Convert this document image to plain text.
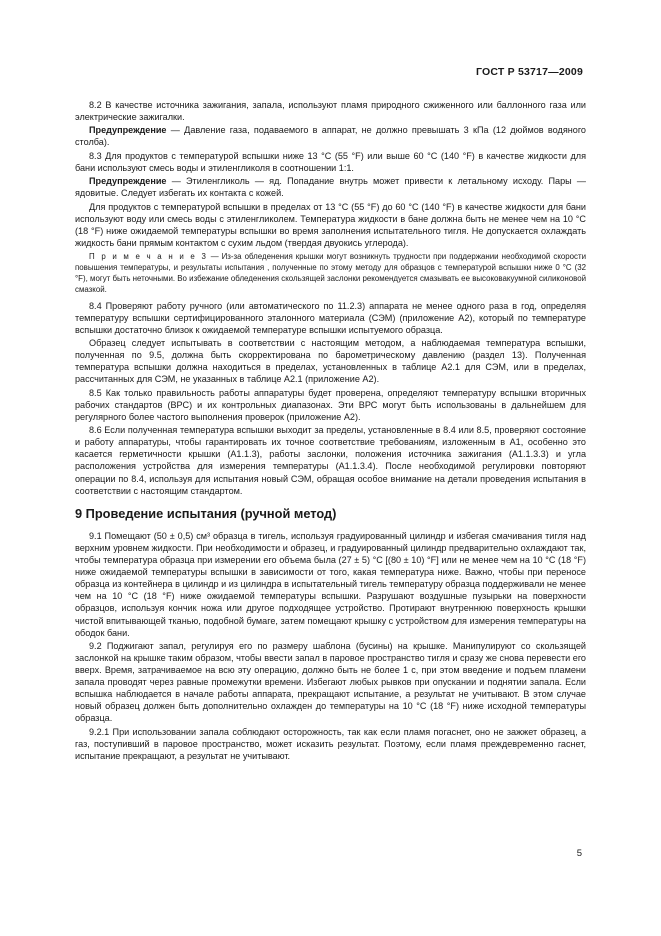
ГОСТ Р 53717—2009

8.2 В качестве источника зажигания, запала, используют пламя природного сжиженного или баллонного газа или электрические зажигалки.

Предупреждение — Давление газа, подаваемого в аппарат, не должно превышать 3 кПа (12 дюймов водяного столба).

8.3 Для продуктов с температурой вспышки ниже 13 °С (55 °F) или выше 60 °С (140 °F) в качестве жидкости для бани используют смесь воды и этиленгликоля в соотношении 1:1.

Предупреждение — Этиленгликоль — яд. Попадание внутрь может привести к летальному исходу. Пары — ядовитые. Следует избегать их контакта с кожей.

Для продуктов с температурой вспышки в пределах от 13 °С (55 °F) до 60 °С (140 °F) в качестве жидкости для бани используют воду или смесь воды с этиленгликолем. Температура жидкости в бане должна быть не менее чем на 10 °С (18 °F) ниже ожидаемой температуры вспышки во время заполнения испытательного тигля. Не допускается охлаждать жидкость бани прямым контактом с сухим льдом (твердая двуокись углерода).

П р и м е ч а н и е 3 — Из-за обледенения крышки могут возникнуть трудности при поддержании необходимой скорости повышения температуры, и результаты испытания , полученные по этому методу для образцов с температурой вспышки ниже 0 °С (32 °F), могут быть неточными. Во избежание обледенения скользящей заслонки рекомендуется смазывать ее высоковакуумной силиконовой смазкой.

8.4 Проверяют работу ручного (или автоматического по 11.2.3) аппарата не менее одного раза в год, определяя температуру вспышки сертифицированного эталонного материала (СЭМ) (приложение А2), который по температуре вспышки достаточно близок к ожидаемой температуре вспышки испытуемого образца.

Образец следует испытывать в соответствии с настоящим методом, а наблюдаемая температура вспышки, полученная по 9.5, должна быть скорректирована по барометрическому давлению (раздел 13). Полученная температура вспышки должна находиться в пределах, установленных в таблице А2.1 для СЭМ, или в пределах, рассчитанных для СЭМ, не указанных в таблице А2.1 (приложение А2).

8.5 Как только правильность работы аппаратуры будет проверена, определяют температуру вспышки вторичных рабочих стандартов (ВРС) и их контрольных диапазонах. Эти ВРС могут быть использованы в дальнейшем для регулярного более частого выполнения проверок (приложение А2).

8.6 Если полученная температура вспышки выходит за пределы, установленные в 8.4 или 8.5, проверяют состояние и работу аппаратуры, чтобы гарантировать их точное соответствие требованиям, изложенным в А1, особенно это касается герметичности крышки (А1.1.3), работы заслонки, положения источника зажигания (А1.1.3.3) и угла расположения устройства для измерения температуры (А1.1.3.4). После необходимой регулировки повторяют операции по 8.4, используя для испытания новый СЭМ, обращая особое внимание на детали проведения испытания в соответствии с настоящим стандартом.

9 Проведение испытания (ручной метод)

9.1 Помещают (50 ± 0,5) см³ образца в тигель, используя градуированный цилиндр и избегая смачивания тигля над верхним уровнем жидкости. При необходимости и образец, и градуированный цилиндр предварительно охлаждают так, чтобы температура образца при измерении его объема была (27 ± 5) °С [(80 ± 10) °F] или не менее чем на 10 °С (18 °F) ниже ожидаемой температуры вспышки в зависимости от того, какая температура ниже. Важно, чтобы при переносе образца из контейнера в цилиндр и из цилиндра в испытательный тигель температуру образца поддерживали не менее чем на 10 °С (18 °F) ниже ожидаемой температуры вспышки. Разрушают воздушные пузырьки на поверхности образцов, используя кончик ножа или другое подходящее устройство. Протирают внутреннюю поверхность крышки чистой впитывающей тканью, подобной бумаге, затем помещают крышку с устройством для измерения температуры на ободок бани.

9.2 Поджигают запал, регулируя его по размеру шаблона (бусины) на крышке. Манипулируют со скользящей заслонкой на крышке таким образом, чтобы ввести запал в паровое пространство тигля и сразу же снова перевести его вверх. Время, затрачиваемое на всю эту операцию, должно быть не более 1 с, при этом введение и подъем пламени запала проводят через равные промежутки времени. Избегают любых рывков при опускании и поднятии запала. Если вспышка наблюдается в начале работы аппарата, прекращают испытание, а результат не учитывают. В этом случае новый образец должен быть дополнительно охлажден до температуры на 10 °С (18 °F) ниже исходной температуры образца.

9.2.1 При использовании запала соблюдают осторожность, так как если пламя погаснет, оно не зажжет образец, а газ, поступивший в паровое пространство, может исказить результат. Поэтому, если пламя преждевременно гаснет, испытание прекращают, а результат не учитывают.

5
